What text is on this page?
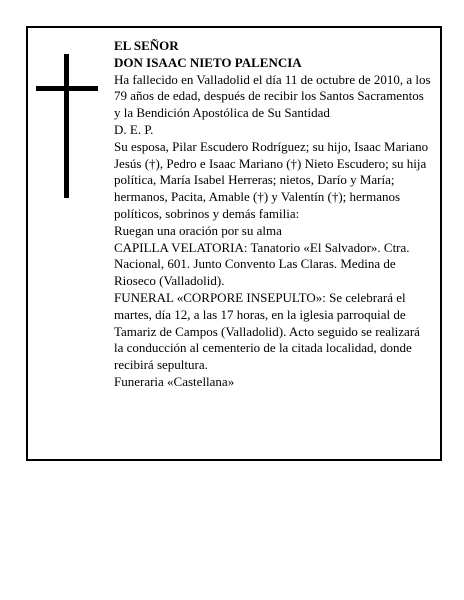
EL SEÑOR

DON ISAAC NIETO PALENCIA

Ha fallecido en Valladolid el día 11 de octubre de 2010, a los 79 años de edad, después de recibir los Santos Sacramentos y la Bendición Apostólica de Su Santidad

D. E. P.

Su esposa, Pilar Escudero Rodríguez; su hijo, Isaac Mariano Jesús (†), Pedro e Isaac Mariano (†) Nieto Escudero; su hija política, María Isabel Herreras; nietos, Darío y María; hermanos, Pacita, Amable (†) y Valentín (†); hermanos políticos, sobrinos y demás familia:

Ruegan una oración por su alma

CAPILLA VELATORIA: Tanatorio «El Salvador». Ctra. Nacional, 601. Junto Convento Las Claras. Medina de Rioseco (Valladolid).

FUNERAL «CORPORE INSEPULTO»: Se celebrará el martes, día 12, a las 17 horas, en la iglesia parroquial de Tamariz de Campos (Valladolid). Acto seguido se realizará la conducción al cementerio de la citada localidad, donde recibirá sepultura.

Funeraria «Castellana»
